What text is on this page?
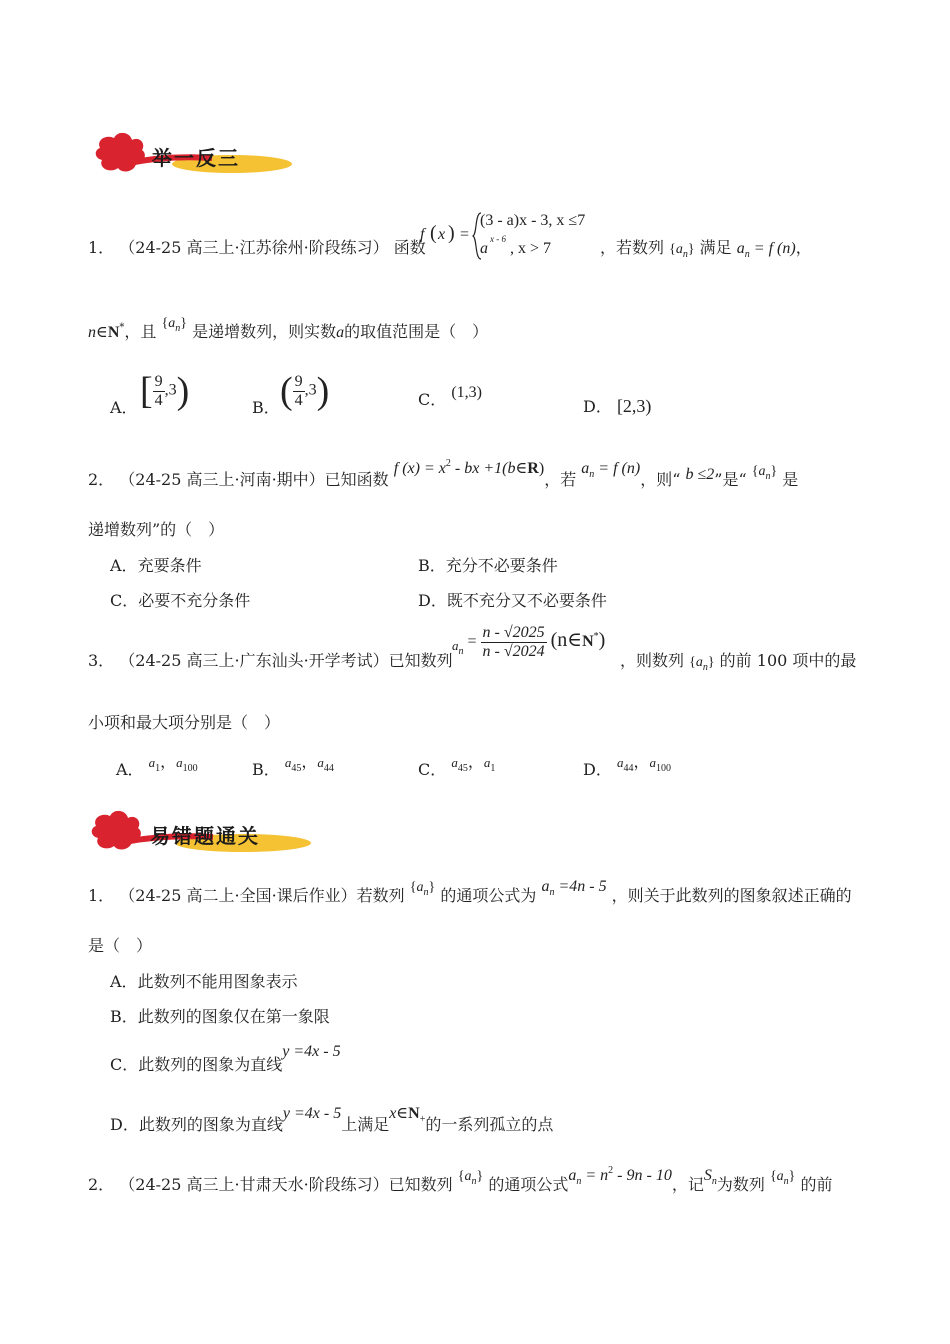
举一反三
1． （24-25 高三上·江苏徐州·阶段练习） 函数
f ( x ) =
(3 - a)x - 3, x ≤7
a
x - 6
, x > 7	，若数列 $\{a_n\}$ 满足 $a_n = f$ (n)，
n∈N*，且 $\{a_n\}$ 是递增数列，则实数a的取值范围是（　）
A． [ $\frac{9}{4} ,3$)	B． ( $\frac{9}{4} ,3$)	C． (1,3)
D． [2,3)
2． （24-25 高三上·河南·期中）已知函数 f $(x) = x^2$ - bx +1(b∈R)，若 $a_n = f$ (n)，则“ b ≤2”是“ $\{a_n\}$ 是
递增数列”的（　）
A．充要条件	B．充分不必要条件
C．必要不充分条件	D．既不充分又不必要条件
3． （24-25 高三上·广东汕头·开学考试）已知数列
$_{an} = \frac{n - √2025}{n - √2024}$ (n∈N*)
，则数列 $\{a_n\}$ 的前 100 项中的最
小项和最大项分别是（　）
A． $a_1$，$a_{100}$	B． $a_{45}$，$a_{44}$	C． $a_{45}$，$a_1$	D． $a_{44}$，$a_{100}$
易错题通关
1． （24-25 高二上·全国·课后作业）若数列 $\{a_n\}$ 的通项公式为 $a_n =4n - 5$ ，则关于此数列的图象叙述正确的
是（　）
A．此数列不能用图象表示
B．此数列的图象仅在第一象限
C．此数列的图象为直线y =4x - 5
D．此数列的图象为直线y =4x - 5上满足$x\in N_+$的一系列孤立的点
2． （24-25 高三上·甘肃天水·阶段练习）已知数列 $\{a_n\}$ 的通项公式$a_n = n^2 - 9n - 10$，记$S_n$为数列 $\{a_n\}$ 的前
